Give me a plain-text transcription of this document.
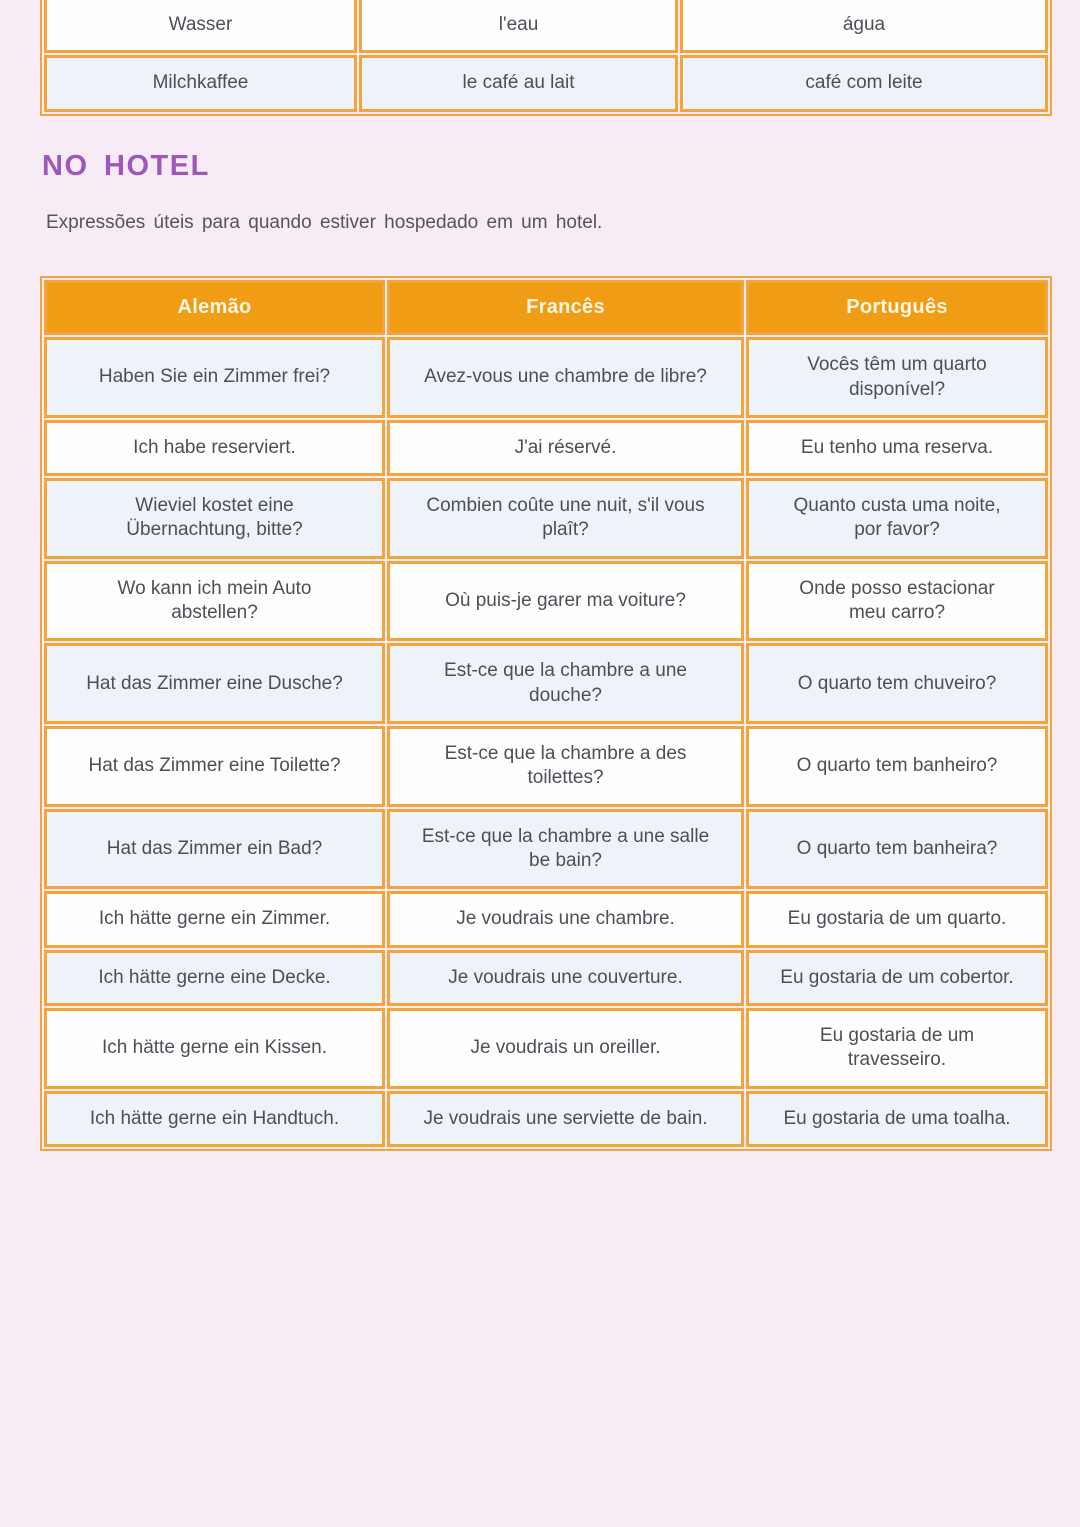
Wasser	l'eau	água
Milchkaffee	le café au lait	café com leite
NO HOTEL

Expressões úteis para quando estiver hospedado em um hotel.

Alemão	Francês	Português
Haben Sie ein Zimmer frei?	Avez-vous une chambre de libre?	Vocês têm um quarto disponível?
Ich habe reserviert.	J'ai réservé.	Eu tenho uma reserva.
Wieviel kostet eine Übernachtung, bitte?	Combien coûte une nuit, s'il vous plaît?	Quanto custa uma noite, por favor?
Wo kann ich mein Auto abstellen?	Où puis-je garer ma voiture?	Onde posso estacionar meu carro?
Hat das Zimmer eine Dusche?	Est-ce que la chambre a une douche?	O quarto tem chuveiro?
Hat das Zimmer eine Toilette?	Est-ce que la chambre a des toilettes?	O quarto tem banheiro?
Hat das Zimmer ein Bad?	Est-ce que la chambre a une salle be bain?	O quarto tem banheira?
Ich hätte gerne ein Zimmer.	Je voudrais une chambre.	Eu gostaria de um quarto.
Ich hätte gerne eine Decke.	Je voudrais une couverture.	Eu gostaria de um cobertor.
Ich hätte gerne ein Kissen.	Je voudrais un oreiller.	Eu gostaria de um travesseiro.
Ich hätte gerne ein Handtuch.	Je voudrais une serviette de bain.	Eu gostaria de uma toalha.
